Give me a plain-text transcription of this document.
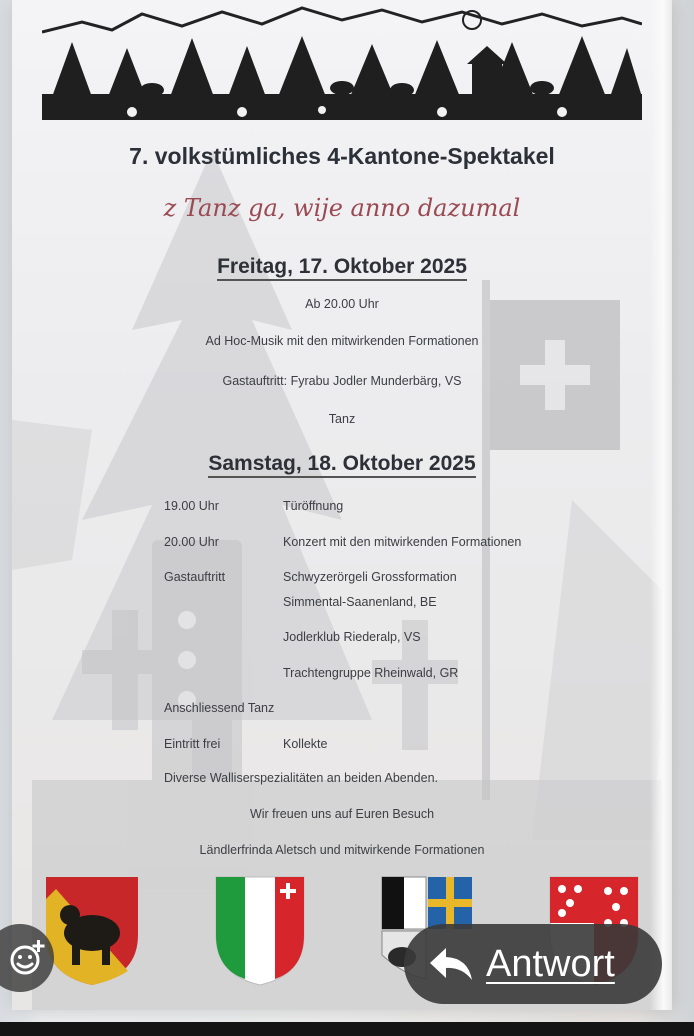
7. volkstümliches 4-Kantone-Spektakel
z Tanz ga, wije anno dazumal
Freitag, 17. Oktober 2025
Ab 20.00 Uhr
Ad Hoc-Musik mit den mitwirkenden Formationen
Gastauftritt: Fyrabu Jodler Munderbärg, VS
Tanz
Samstag, 18. Oktober 2025
19.00 Uhr	Türöffnung
20.00 Uhr	Konzert mit den mitwirkenden Formationen
Gastauftritt	Schwyzerörgeli Grossformation
Simmental-Saanenland, BE
Jodlerklub Riederalp, VS
Trachtengruppe Rheinwald, GR
Anschliessend Tanz
Eintritt frei	Kollekte
Diverse Walliserspezialitäten an beiden Abenden.
Wir freuen uns auf Euren Besuch
Ländlerfrinda Aletsch und mitwirkende Formationen
Antwort
